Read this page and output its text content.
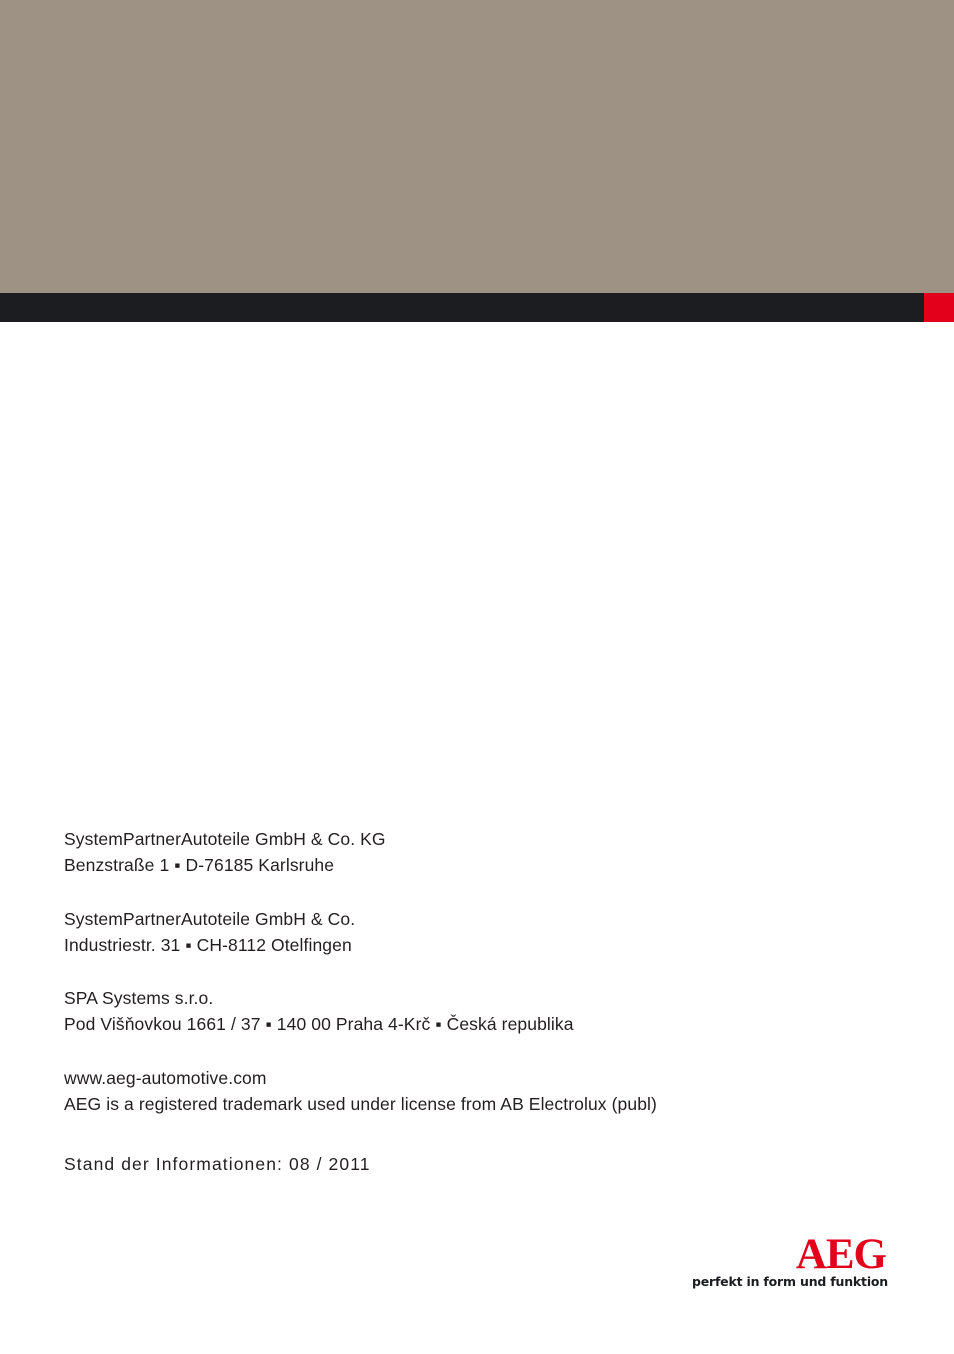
SystemPartnerAutoteile GmbH & Co. KG
Benzstraße 1 ▪ D-76185 Karlsruhe
SystemPartnerAutoteile GmbH & Co.
Industriestr. 31 ▪ CH-8112 Otelfingen
SPA Systems s.r.o.
Pod Višňovkou 1661 / 37 ▪ 140 00 Praha 4-Krč ▪ Česká republika
www.aeg-automotive.com
AEG is a registered trademark used under license from AB Electrolux (publ)
Stand der Informationen: 08 / 2011
AEG
perfekt in form und funktion
